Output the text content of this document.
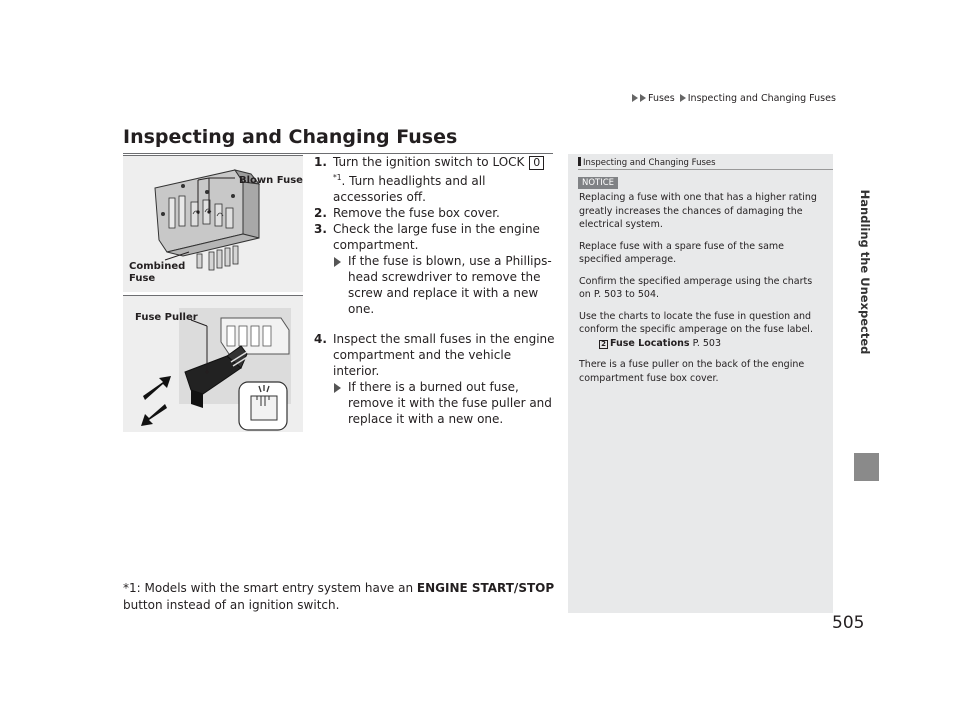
Fuses Inspecting and Changing Fuses
Handling the Unexpected
Inspecting and Changing Fuses
Blown Fuse
Combined
Fuse
Fuse Puller
1. Turn the ignition switch to LOCK 0$^{*1}$. Turn headlights and all accessories off.
2. Remove the fuse box cover.
3. Check the large fuse in the engine compartment.
If the fuse is blown, use a Phillips-head screwdriver to remove the screw and replace it with a new one.
4. Inspect the small fuses in the engine compartment and the vehicle interior.
If there is a burned out fuse, remove it with the fuse puller and replace it with a new one.
*1: Models with the smart entry system have an ENGINE START/STOP button instead of an ignition switch.
Inspecting and Changing Fuses
NOTICE

Replacing a fuse with one that has a higher rating greatly increases the chances of damaging the electrical system.

Replace fuse with a spare fuse of the same specified amperage.

Confirm the specified amperage using the charts on P. 503 to 504.

Use the charts to locate the fuse in question and conform the specific amperage on the fuse label.

2 Fuse Locations P. 503

There is a fuse puller on the back of the engine compartment fuse box cover.

505
